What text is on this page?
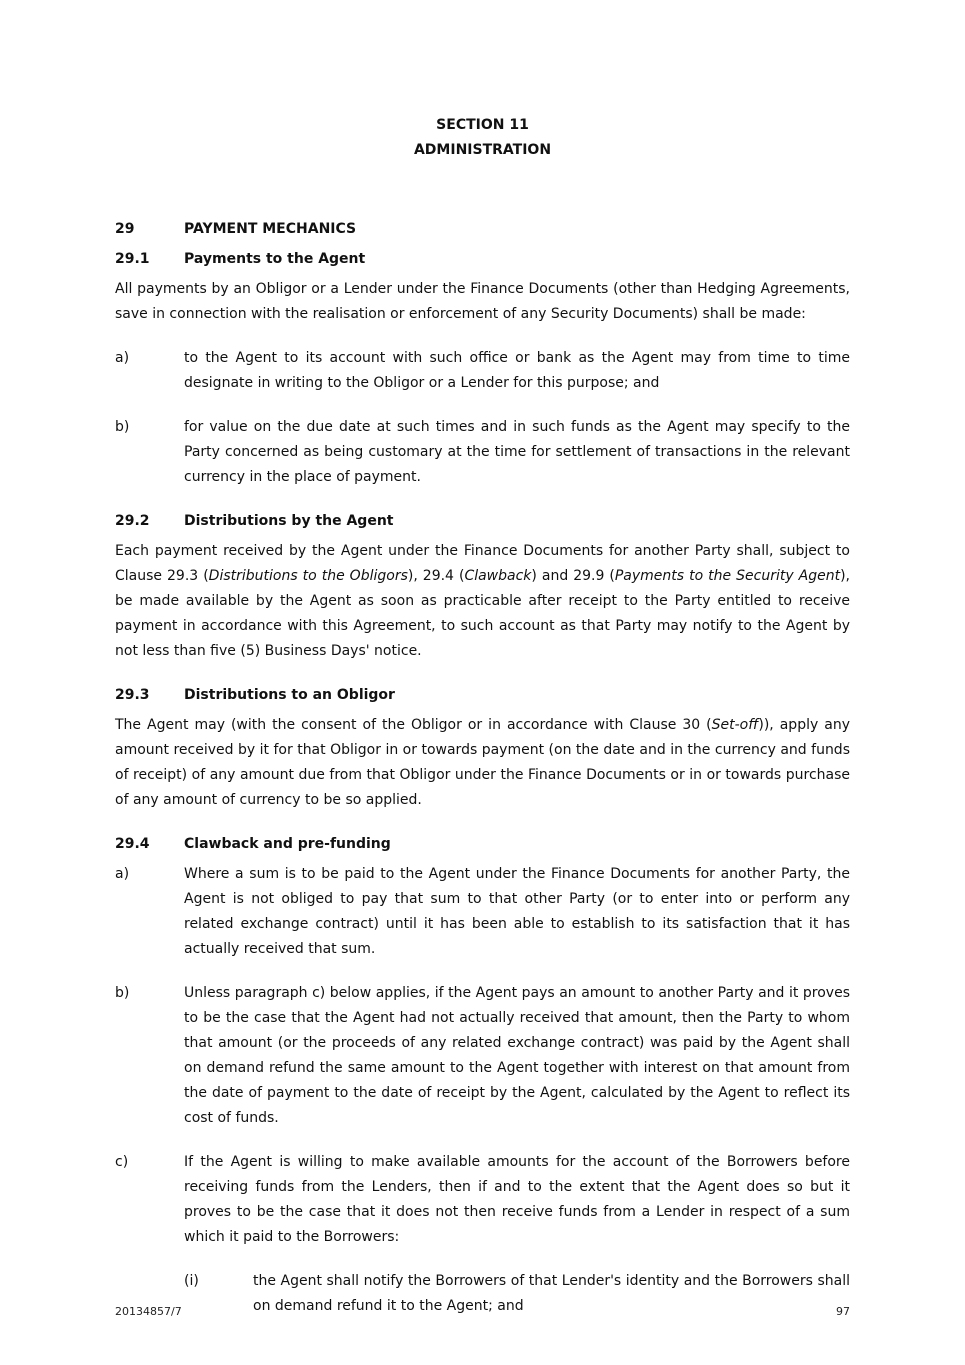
SECTION 11
ADMINISTRATION
29	PAYMENT MECHANICS
29.1	Payments to the Agent

All payments by an Obligor or a Lender under the Finance Documents (other than Hedging Agreements, save in connection with the realisation or enforcement of any Security Documents) shall be made:

a)	to the Agent to its account with such office or bank as the Agent may from time to time designate in writing to the Obligor or a Lender for this purpose; and
b)	for value on the due date at such times and in such funds as the Agent may specify to the Party concerned as being customary at the time for settlement of transactions in the relevant currency in the place of payment.
29.2	Distributions by the Agent

Each payment received by the Agent under the Finance Documents for another Party shall, subject to Clause 29.3 (Distributions to the Obligors), 29.4 (Clawback) and 29.9 (Payments to the Security Agent), be made available by the Agent as soon as practicable after receipt to the Party entitled to receive payment in accordance with this Agreement, to such account as that Party may notify to the Agent by not less than five (5) Business Days' notice.

29.3	Distributions to an Obligor

The Agent may (with the consent of the Obligor or in accordance with Clause 30 (Set-off)), apply any amount received by it for that Obligor in or towards payment (on the date and in the currency and funds of receipt) of any amount due from that Obligor under the Finance Documents or in or towards purchase of any amount of currency to be so applied.

29.4	Clawback and pre-funding
a)	Where a sum is to be paid to the Agent under the Finance Documents for another Party, the Agent is not obliged to pay that sum to that other Party (or to enter into or perform any related exchange contract) until it has been able to establish to its satisfaction that it has actually received that sum.
b)	Unless paragraph c) below applies, if the Agent pays an amount to another Party and it proves to be the case that the Agent had not actually received that amount, then the Party to whom that amount (or the proceeds of any related exchange contract) was paid by the Agent shall on demand refund the same amount to the Agent together with interest on that amount from the date of payment to the date of receipt by the Agent, calculated by the Agent to reflect its cost of funds.
c)	If the Agent is willing to make available amounts for the account of the Borrowers before receiving funds from the Lenders, then if and to the extent that the Agent does so but it proves to be the case that it does not then receive funds from a Lender in respect of a sum which it paid to the Borrowers:
(i)	the Agent shall notify the Borrowers of that Lender's identity and the Borrowers shall on demand refund it to the Agent; and
20134857/7	97
